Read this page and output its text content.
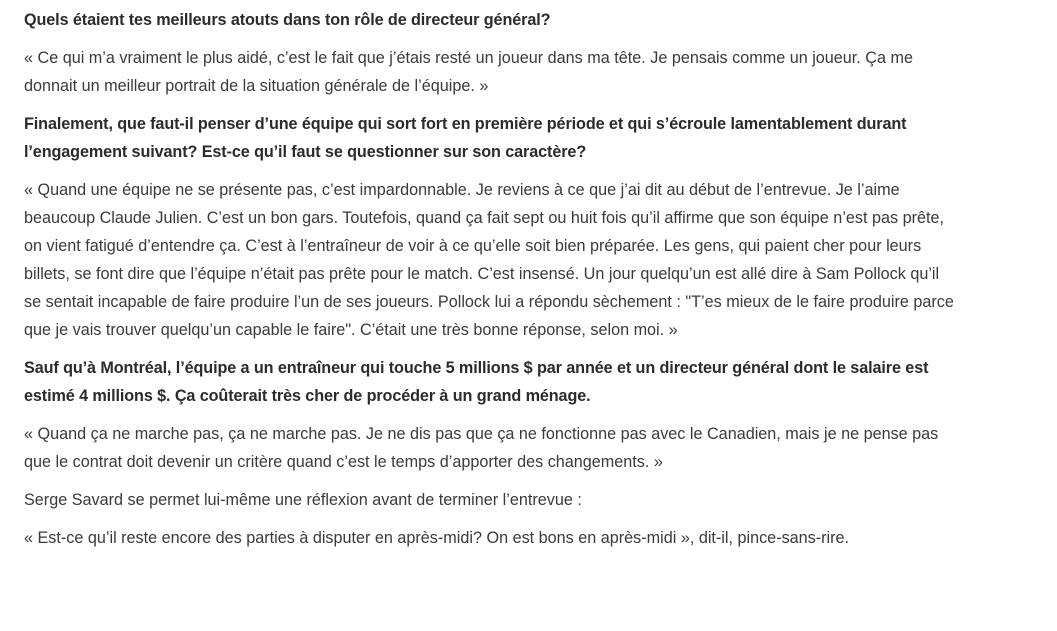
Quels étaient tes meilleurs atouts dans ton rôle de directeur général?

« Ce qui m’a vraiment le plus aidé, c’est le fait que j’étais resté un joueur dans ma tête. Je pensais comme un joueur. Ça me donnait un meilleur portrait de la situation générale de l’équipe. »

Finalement, que faut-il penser d’une équipe qui sort fort en première période et qui s’écroule lamentablement durant l’engagement suivant? Est-ce qu’il faut se questionner sur son caractère?

« Quand une équipe ne se présente pas, c’est impardonnable. Je reviens à ce que j’ai dit au début de l’entrevue. Je l’aime beaucoup Claude Julien. C’est un bon gars. Toutefois, quand ça fait sept ou huit fois qu’il affirme que son équipe n’est pas prête, on vient fatigué d’entendre ça. C’est à l’entraîneur de voir à ce qu’elle soit bien préparée. Les gens, qui paient cher pour leurs billets, se font dire que l’équipe n’était pas prête pour le match. C’est insensé. Un jour quelqu’un est allé dire à Sam Pollock qu’il se sentait incapable de faire produire l’un de ses joueurs. Pollock lui a répondu sèchement : "T’es mieux de le faire produire parce que je vais trouver quelqu’un capable le faire". C’était une très bonne réponse, selon moi. »

Sauf qu’à Montréal, l’équipe a un entraîneur qui touche 5 millions $ par année et un directeur général dont le salaire est estimé 4 millions $. Ça coûterait très cher de procéder à un grand ménage.

« Quand ça ne marche pas, ça ne marche pas. Je ne dis pas que ça ne fonctionne pas avec le Canadien, mais je ne pense pas que le contrat doit devenir un critère quand c’est le temps d’apporter des changements. »

Serge Savard se permet lui-même une réflexion avant de terminer l’entrevue :

« Est-ce qu’il reste encore des parties à disputer en après-midi? On est bons en après-midi », dit-il, pince-sans-rire.
